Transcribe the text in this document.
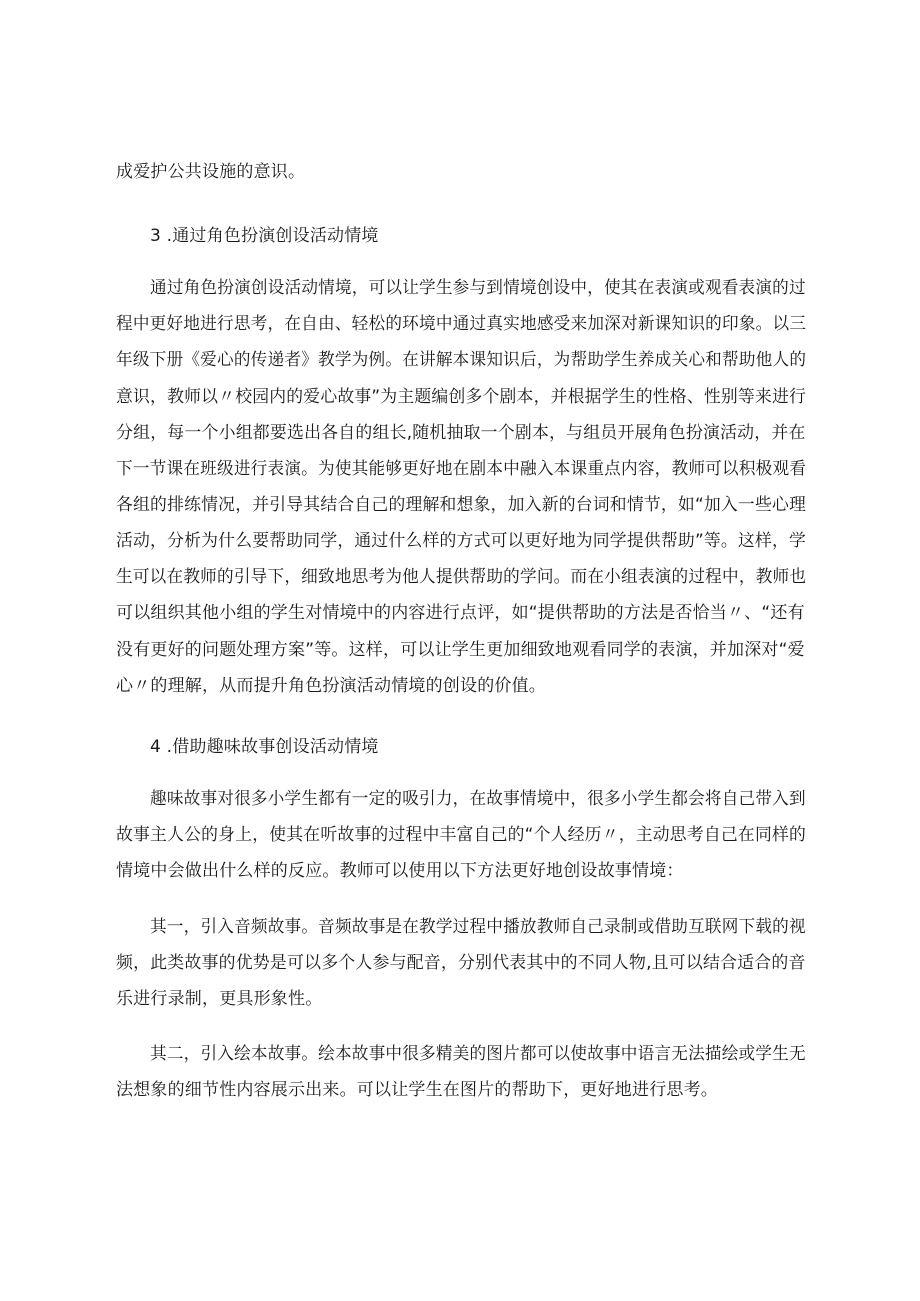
成爱护公共设施的意识。
3 .通过角色扮演创设活动情境
通过角色扮演创设活动情境，可以让学生参与到情境创设中，使其在表演或观看表演的过
程中更好地进行思考，在自由、轻松的环境中通过真实地感受来加深对新课知识的印象。以三
年级下册《爱心的传递者》教学为例。在讲解本课知识后，为帮助学生养成关心和帮助他人的
意识，教师以〃校园内的爱心故事”为主题编创多个剧本，并根据学生的性格、性别等来进行
分组，每一个小组都要选出各自的组长,随机抽取一个剧本，与组员开展角色扮演活动，并在
下一节课在班级进行表演。为使其能够更好地在剧本中融入本课重点内容，教师可以积极观看
各组的排练情况，并引导其结合自己的理解和想象，加入新的台词和情节，如“加入一些心理
活动，分析为什么要帮助同学，通过什么样的方式可以更好地为同学提供帮助”等。这样，学
生可以在教师的引导下，细致地思考为他人提供帮助的学问。而在小组表演的过程中，教师也
可以组织其他小组的学生对情境中的内容进行点评，如“提供帮助的方法是否恰当〃、“还有
没有更好的问题处理方案”等。这样，可以让学生更加细致地观看同学的表演，并加深对“爱
心〃的理解，从而提升角色扮演活动情境的创设的价值。
4 .借助趣味故事创设活动情境
趣味故事对很多小学生都有一定的吸引力，在故事情境中，很多小学生都会将自己带入到
故事主人公的身上，使其在听故事的过程中丰富自己的“个人经历〃，主动思考自己在同样的
情境中会做出什么样的反应。教师可以使用以下方法更好地创设故事情境：
其一，引入音频故事。音频故事是在教学过程中播放教师自己录制或借助互联网下载的视
频，此类故事的优势是可以多个人参与配音，分别代表其中的不同人物,且可以结合适合的音
乐进行录制，更具形象性。
其二，引入绘本故事。绘本故事中很多精美的图片都可以使故事中语言无法描绘或学生无
法想象的细节性内容展示出来。可以让学生在图片的帮助下，更好地进行思考。
